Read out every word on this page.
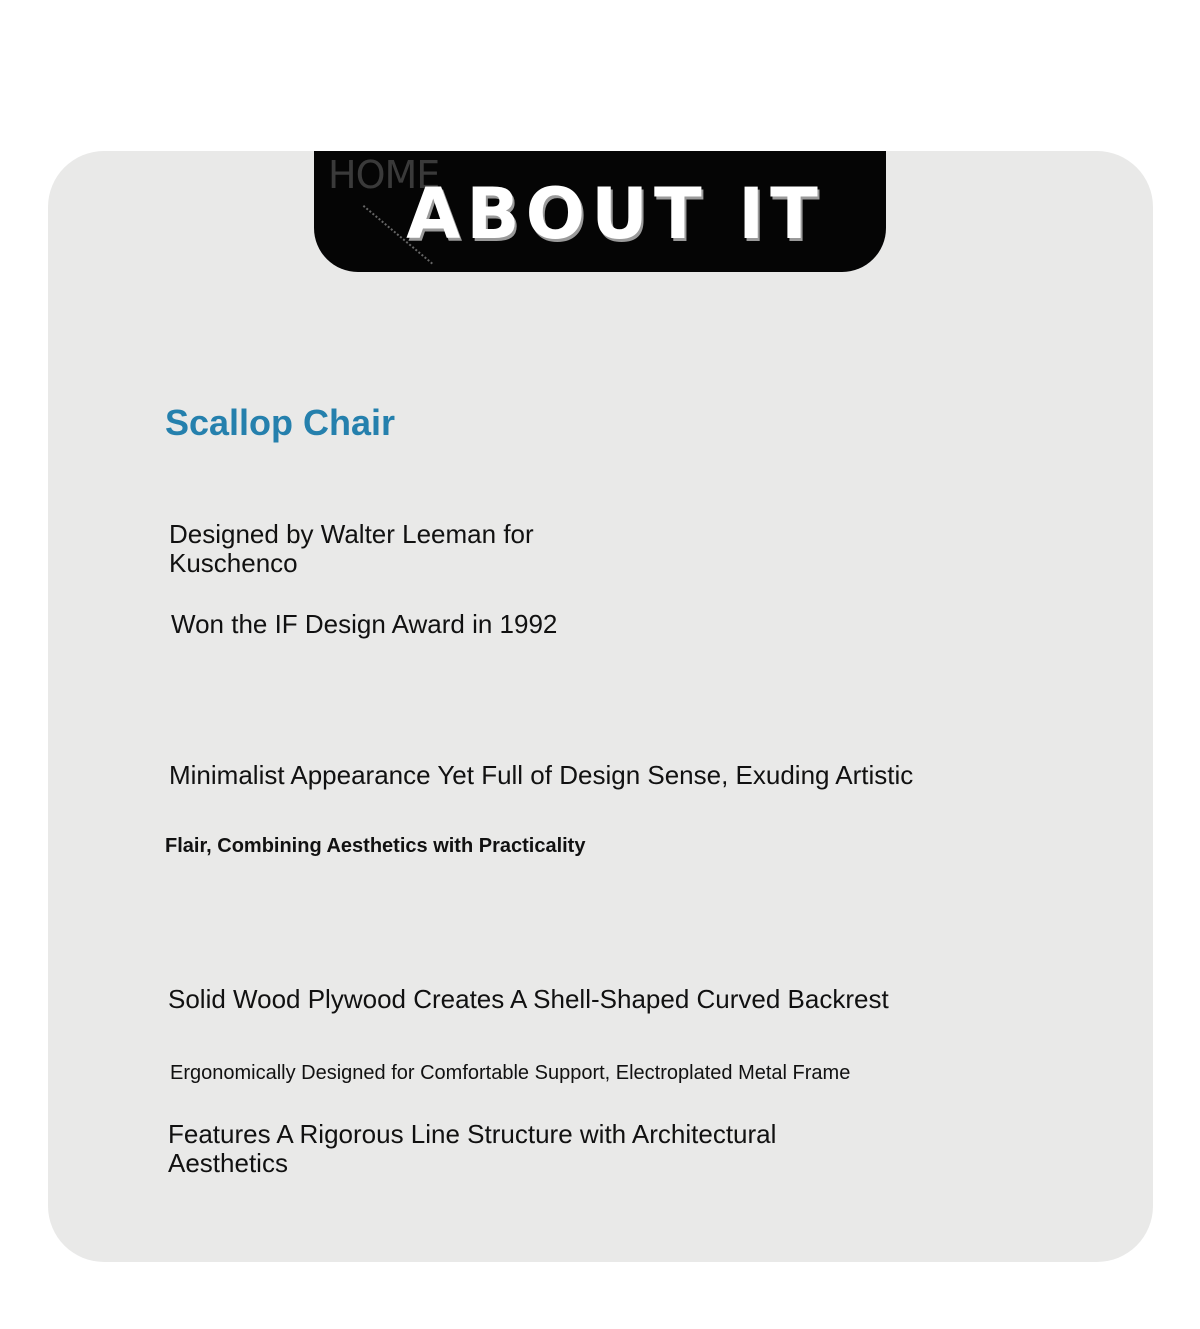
HOME
ABOUT IT
Scallop Chair

Designed by Walter Leeman for Kuschenco

Won the IF Design Award in 1992

Minimalist Appearance Yet Full of Design Sense, Exuding Artistic

Flair, Combining Aesthetics with Practicality

Solid Wood Plywood Creates A Shell-Shaped Curved Backrest

Ergonomically Designed for Comfortable Support, Electroplated Metal Frame

Features A Rigorous Line Structure with Architectural Aesthetics
